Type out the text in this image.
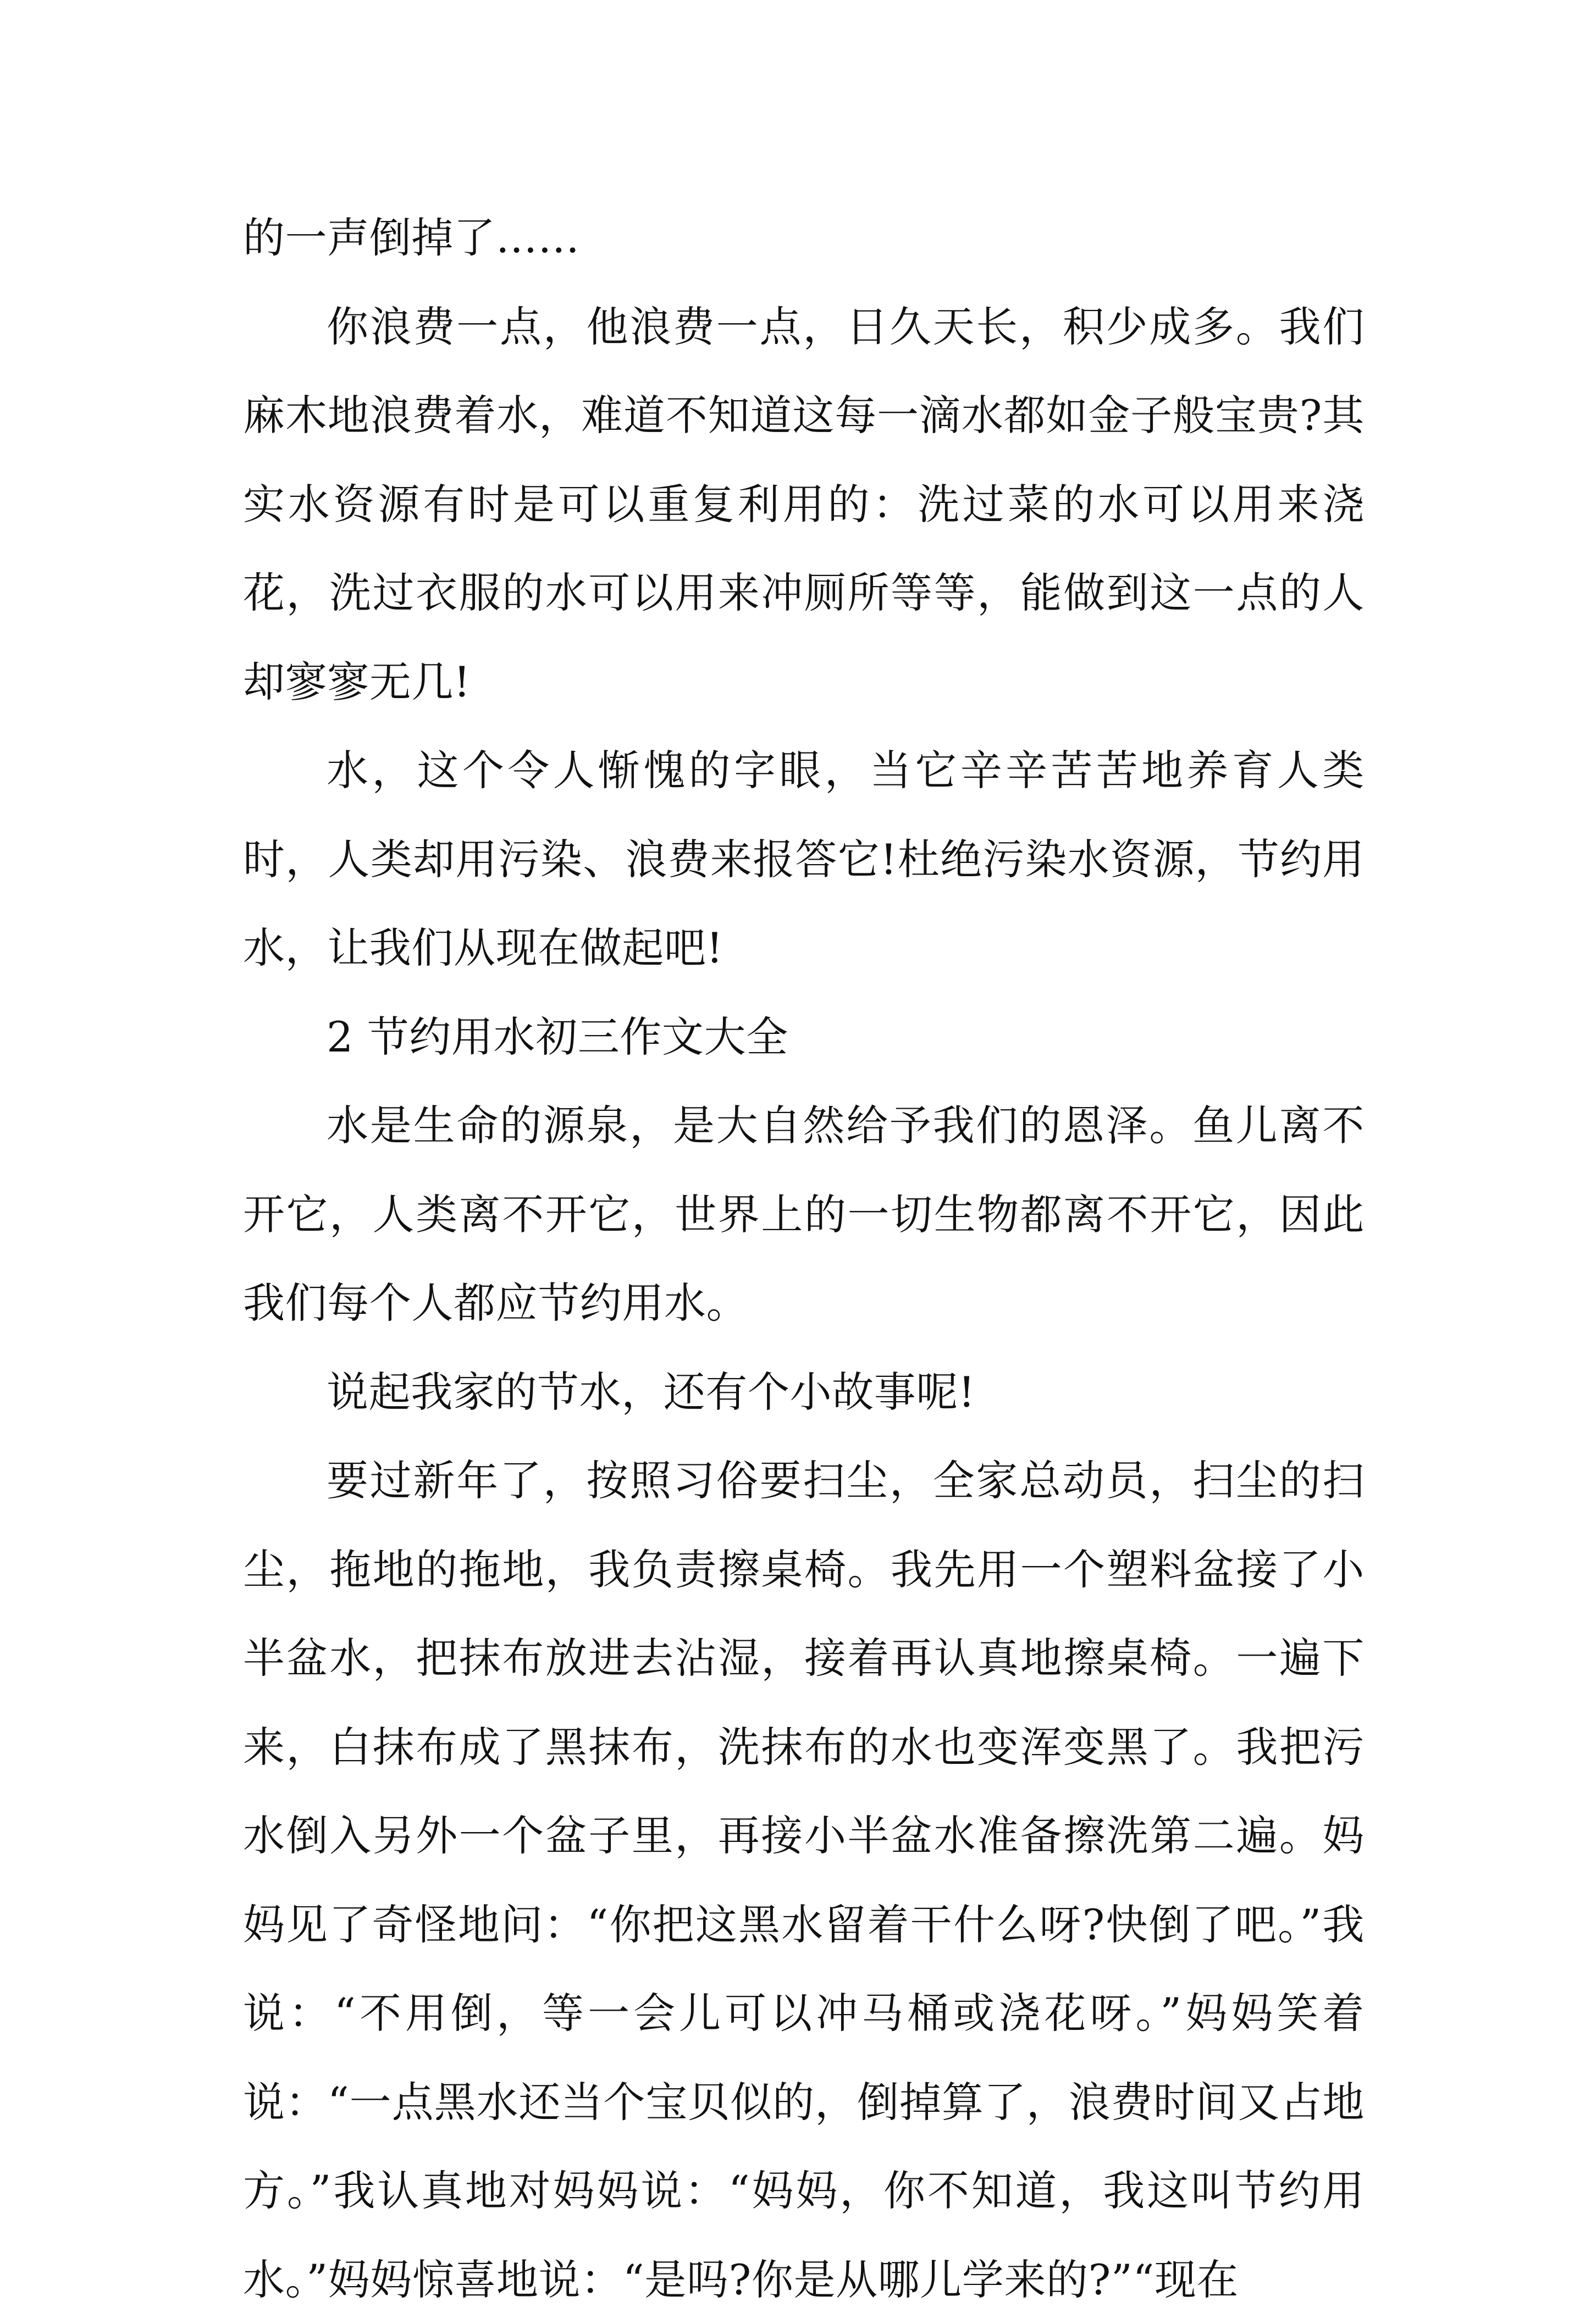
的一声倒掉了……

你浪费一点，他浪费一点，日久天长，积少成多。我们麻木地浪费着水，难道不知道这每一滴水都如金子般宝贵?其实水资源有时是可以重复利用的：洗过菜的水可以用来浇花，洗过衣服的水可以用来冲厕所等等，能做到这一点的人却寥寥无几!

水，这个令人惭愧的字眼，当它辛辛苦苦地养育人类时，人类却用污染、浪费来报答它!杜绝污染水资源，节约用水，让我们从现在做起吧!

2 节约用水初三作文大全

水是生命的源泉，是大自然给予我们的恩泽。鱼儿离不开它，人类离不开它，世界上的一切生物都离不开它，因此我们每个人都应节约用水。

说起我家的节水，还有个小故事呢!

要过新年了，按照习俗要扫尘，全家总动员，扫尘的扫尘，拖地的拖地，我负责擦桌椅。我先用一个塑料盆接了小半盆水，把抹布放进去沾湿，接着再认真地擦桌椅。一遍下来，白抹布成了黑抹布，洗抹布的水也变浑变黑了。我把污水倒入另外一个盆子里，再接小半盆水准备擦洗第二遍。妈妈见了奇怪地问：“你把这黑水留着干什么呀?快倒了吧。”我说：“不用倒，等一会儿可以冲马桶或浇花呀。”妈妈笑着说：“一点黑水还当个宝贝似的，倒掉算了，浪费时间又占地方。”我认真地对妈妈说：“妈妈，你不知道，我这叫节约用水。”妈妈惊喜地说：“是吗?你是从哪儿学来的?”“现在
